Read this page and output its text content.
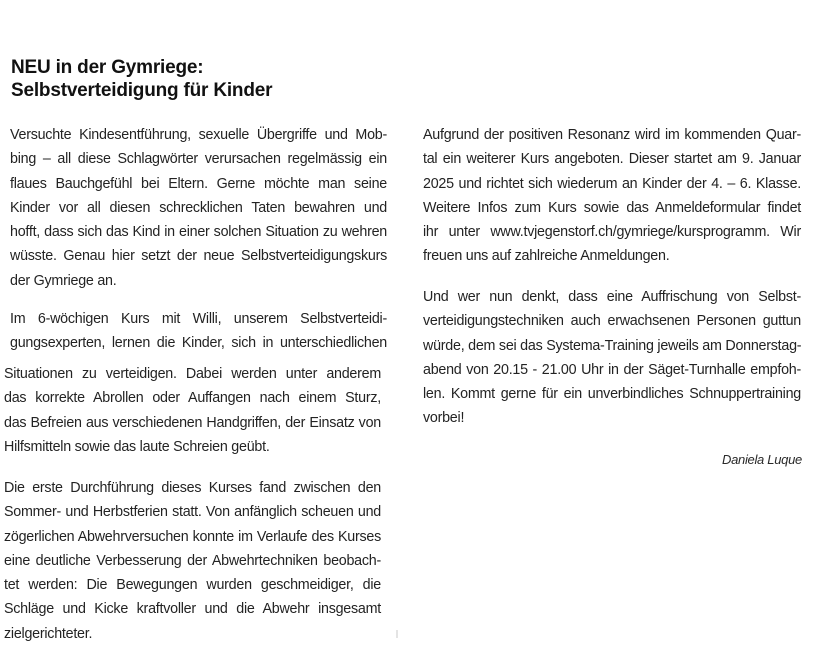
NEU in der Gymriege:
Selbstverteidigung für Kinder
Versuchte Kindesentführung, sexuelle Übergriffe und Mob-
bing – all diese Schlagwörter verursachen regelmässig ein
flaues Bauchgefühl bei Eltern. Gerne möchte man seine
Kinder vor all diesen schrecklichen Taten bewahren und
hofft, dass sich das Kind in einer solchen Situation zu wehren
wüsste. Genau hier setzt der neue Selbstverteidigungskurs
der Gymriege an.
Im 6-wöchigen Kurs mit Willi, unserem Selbstverteidi-
gungsexperten, lernen die Kinder, sich in unterschiedlichen
Situationen zu verteidigen. Dabei werden unter anderem
das korrekte Abrollen oder Auffangen nach einem Sturz,
das Befreien aus verschiedenen Handgriffen, der Einsatz von
Hilfsmitteln sowie das laute Schreien geübt.
Die erste Durchführung dieses Kurses fand zwischen den
Sommer- und Herbstferien statt. Von anfänglich scheuen und
zögerlichen Abwehrversuchen konnte im Verlaufe des Kurses
eine deutliche Verbesserung der Abwehrtechniken beobach-
tet werden: Die Bewegungen wurden geschmeidiger, die
Schläge und Kicke kraftvoller und die Abwehr insgesamt
zielgerichteter.
Aufgrund der positiven Resonanz wird im kommenden Quar-
tal ein weiterer Kurs angeboten. Dieser startet am 9. Januar
2025 und richtet sich wiederum an Kinder der 4. – 6. Klasse.
Weitere Infos zum Kurs sowie das Anmeldeformular findet
ihr unter www.tvjegenstorf.ch/gymriege/kursprogramm. Wir
freuen uns auf zahlreiche Anmeldungen.
Und wer nun denkt, dass eine Auffrischung von Selbst-
verteidigungstechniken auch erwachsenen Personen guttun
würde, dem sei das Systema-Training jeweils am Donnerstag-
abend von 20.15 - 21.00 Uhr in der Säget-Turnhalle empfoh-
len. Kommt gerne für ein unverbindliches Schnuppertraining
vorbei!
Daniela Luque
